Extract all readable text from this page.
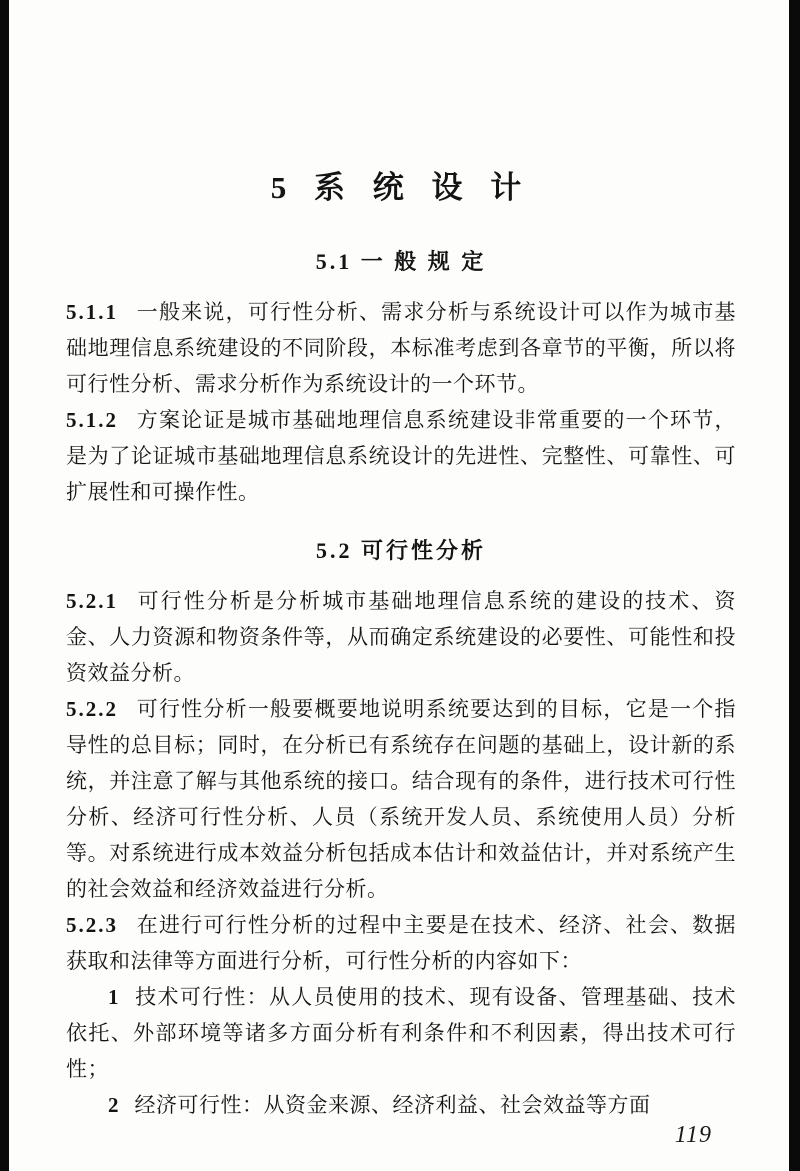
5 系 统 设 计
5.1 一 般 规 定

5.1.1 一般来说，可行性分析、需求分析与系统设计可以作为城市基础地理信息系统建设的不同阶段，本标准考虑到各章节的平衡，所以将可行性分析、需求分析作为系统设计的一个环节。

5.1.2 方案论证是城市基础地理信息系统建设非常重要的一个环节，是为了论证城市基础地理信息系统设计的先进性、完整性、可靠性、可扩展性和可操作性。

5.2 可行性分析

5.2.1 可行性分析是分析城市基础地理信息系统的建设的技术、资金、人力资源和物资条件等，从而确定系统建设的必要性、可能性和投资效益分析。

5.2.2 可行性分析一般要概要地说明系统要达到的目标，它是一个指导性的总目标；同时，在分析已有系统存在问题的基础上，设计新的系统，并注意了解与其他系统的接口。结合现有的条件，进行技术可行性分析、经济可行性分析、人员（系统开发人员、系统使用人员）分析等。对系统进行成本效益分析包括成本估计和效益估计，并对系统产生的社会效益和经济效益进行分析。

5.2.3 在进行可行性分析的过程中主要是在技术、经济、社会、数据获取和法律等方面进行分析，可行性分析的内容如下：

1 技术可行性：从人员使用的技术、现有设备、管理基础、技术依托、外部环境等诸多方面分析有利条件和不利因素，得出技术可行性；

2 经济可行性：从资金来源、经济利益、社会效益等方面

119
